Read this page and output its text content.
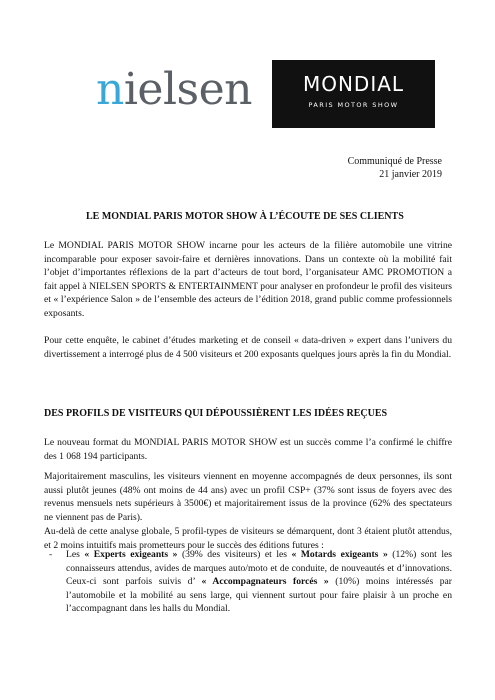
nielsen	MONDIAL
PARIS MOTOR SHOW
Communiqué de Presse
21 janvier 2019
LE MONDIAL PARIS MOTOR SHOW À L’ÉCOUTE DE SES CLIENTS
Le MONDIAL PARIS MOTOR SHOW incarne pour les acteurs de la filière automobile une vitrine incomparable pour exposer savoir-faire et dernières innovations. Dans un contexte où la mobilité fait l’objet d’importantes réflexions de la part d’acteurs de tout bord, l’organisateur AMC PROMOTION a fait appel à NIELSEN SPORTS & ENTERTAINMENT pour analyser en profondeur le profil des visiteurs et « l’expérience Salon » de l’ensemble des acteurs de l’édition 2018, grand public comme professionnels exposants.
Pour cette enquête, le cabinet d’études marketing et de conseil « data-driven » expert dans l’univers du divertissement a interrogé plus de 4 500 visiteurs et 200 exposants quelques jours après la fin du Mondial.
DES PROFILS DE VISITEURS QUI DÉPOUSSIÈRENT LES IDÉES REÇUES
Le nouveau format du MONDIAL PARIS MOTOR SHOW est un succès comme l’a confirmé le chiffre des 1 068 194 participants.
Majoritairement masculins, les visiteurs viennent en moyenne accompagnés de deux personnes, ils sont aussi plutôt jeunes (48% ont moins de 44 ans) avec un profil CSP+ (37% sont issus de foyers avec des revenus mensuels nets supérieurs à 3500€) et majoritairement issus de la province (62% des spectateurs ne viennent pas de Paris).
Au-delà de cette analyse globale, 5 profil-types de visiteurs se démarquent, dont 3 étaient plutôt attendus, et 2 moins intuitifs mais prometteurs pour le succès des éditions futures :
- Les « Experts exigeants » (39% des visiteurs) et les « Motards exigeants » (12%) sont les connaisseurs attendus, avides de marques auto/moto et de conduite, de nouveautés et d’innovations. Ceux-ci sont parfois suivis d’ « Accompagnateurs forcés » (10%) moins intéressés par l’automobile et la mobilité au sens large, qui viennent surtout pour faire plaisir à un proche en l’accompagnant dans les halls du Mondial.
